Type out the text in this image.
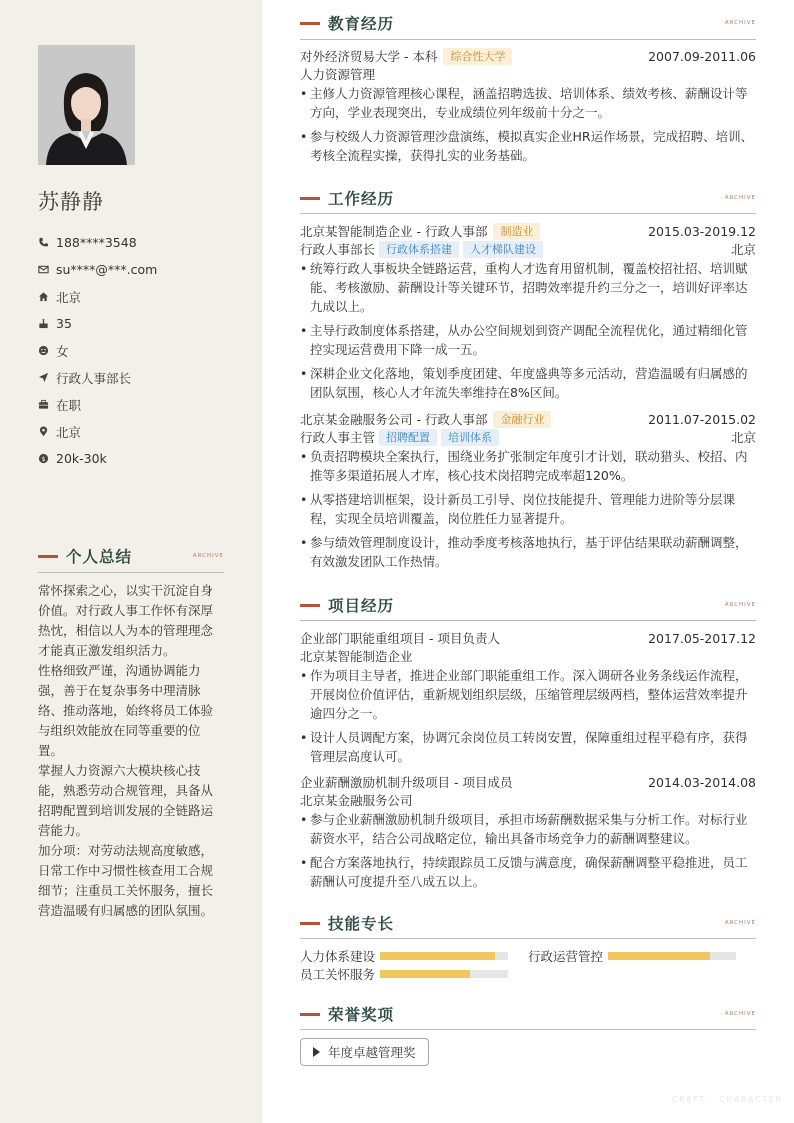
苏静静
188****3548
su****@***.com
北京
35
女
行政人事部长
在职
北京
$ 20k-30k
个人总结	ARCHIVE

常怀探索之心，以实干沉淀自身价值。对行政人事工作怀有深厚热忱，相信以人为本的管理理念才能真正激发组织活力。

性格细致严谨，沟通协调能力强，善于在复杂事务中理清脉络、推动落地，始终将员工体验与组织效能放在同等重要的位置。

掌握人力资源六大模块核心技能，熟悉劳动合规管理，具备从招聘配置到培训发展的全链路运营能力。

加分项：对劳动法规高度敏感，日常工作中习惯性核查用工合规细节；注重员工关怀服务，擅长营造温暖有归属感的团队氛围。

教育经历	ARCHIVE
对外经济贸易大学 - 本科	综合性大学	2007.09-2011.06
人力资源管理
• 主修人力资源管理核心课程，涵盖招聘选拔、培训体系、绩效考核、薪酬设计等方向，学业表现突出，专业成绩位列年级前十分之一。
• 参与校级人力资源管理沙盘演练，模拟真实企业HR运作场景，完成招聘、培训、考核全流程实操，获得扎实的业务基础。
工作经历	ARCHIVE
北京某智能制造企业 - 行政人事部	制造业	2015.03-2019.12
行政人事部长	行政体系搭建	人才梯队建设	北京
• 统筹行政人事板块全链路运营，重构人才选育用留机制，覆盖校招社招、培训赋能、考核激励、薪酬设计等关键环节，招聘效率提升约三分之一，培训好评率达九成以上。
• 主导行政制度体系搭建，从办公空间规划到资产调配全流程优化，通过精细化管控实现运营费用下降一成一五。
• 深耕企业文化落地，策划季度团建、年度盛典等多元活动，营造温暖有归属感的团队氛围，核心人才年流失率维持在8%区间。
北京某金融服务公司 - 行政人事部	金融行业	2011.07-2015.02
行政人事主管	招聘配置	培训体系	北京
• 负责招聘模块全案执行，围绕业务扩张制定年度引才计划，联动猎头、校招、内推等多渠道拓展人才库，核心技术岗招聘完成率超120%。
• 从零搭建培训框架，设计新员工引导、岗位技能提升、管理能力进阶等分层课程，实现全员培训覆盖，岗位胜任力显著提升。
• 参与绩效管理制度设计，推动季度考核落地执行，基于评估结果联动薪酬调整，有效激发团队工作热情。
项目经历	ARCHIVE
企业部门职能重组项目 - 项目负责人	2017.05-2017.12
北京某智能制造企业
• 作为项目主导者，推进企业部门职能重组工作。深入调研各业务条线运作流程，开展岗位价值评估，重新规划组织层级，压缩管理层级两档，整体运营效率提升逾四分之一。
• 设计人员调配方案，协调冗余岗位员工转岗安置，保障重组过程平稳有序，获得管理层高度认可。
企业薪酬激励机制升级项目 - 项目成员	2014.03-2014.08
北京某金融服务公司
• 参与企业薪酬激励机制升级项目，承担市场薪酬数据采集与分析工作。对标行业薪资水平，结合公司战略定位，输出具备市场竞争力的薪酬调整建议。
• 配合方案落地执行，持续跟踪员工反馈与满意度，确保薪酬调整平稳推进，员工薪酬认可度提升至八成五以上。
技能专长	ARCHIVE
人力体系建设	行政运营管控
员工关怀服务
荣誉奖项	ARCHIVE
年度卓越管理奖
CRAFT · CHARACTER
